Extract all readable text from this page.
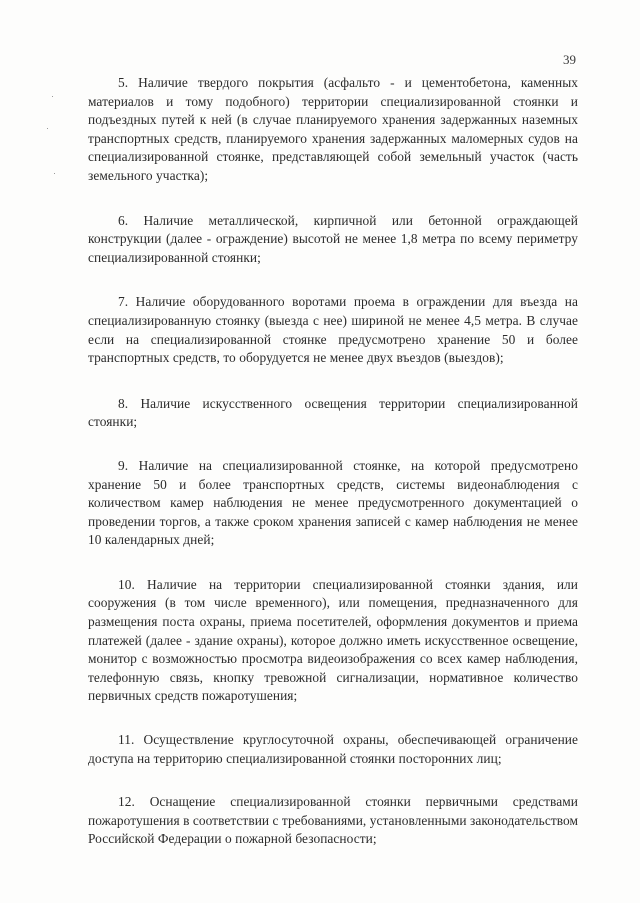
39

5. Наличие твердого покрытия (асфальто - и цементобетона, каменных материалов и тому подобного) территории специализированной стоянки и подъездных путей к ней (в случае планируемого хранения задержанных наземных транспортных средств, планируемого хранения задержанных маломерных судов на специализированной стоянке, представляющей собой земельный участок (часть земельного участка);

6. Наличие металлической, кирпичной или бетонной ограждающей конструкции (далее - ограждение) высотой не менее 1,8 метра по всему периметру специализированной стоянки;

7. Наличие оборудованного воротами проема в ограждении для въезда на специализированную стоянку (выезда с нее) шириной не менее 4,5 метра. В случае если на специализированной стоянке предусмотрено хранение 50 и более транспортных средств, то оборудуется не менее двух въездов (выездов);

8. Наличие искусственного освещения территории специализированной стоянки;

9. Наличие на специализированной стоянке, на которой предусмотрено хранение 50 и более транспортных средств, системы видеонаблюдения с количеством камер наблюдения не менее предусмотренного документацией о проведении торгов, а также сроком хранения записей с камер наблюдения не менее 10 календарных дней;

10. Наличие на территории специализированной стоянки здания, или сооружения (в том числе временного), или помещения, предназначенного для размещения поста охраны, приема посетителей, оформления документов и приема платежей (далее - здание охраны), которое должно иметь искусственное освещение, монитор с возможностью просмотра видеоизображения со всех камер наблюдения, телефонную связь, кнопку тревожной сигнализации, нормативное количество первичных средств пожаротушения;

11. Осуществление круглосуточной охраны, обеспечивающей ограничение доступа на территорию специализированной стоянки посторонних лиц;

12. Оснащение специализированной стоянки первичными средствами пожаротушения в соответствии с требованиями, установленными законодательством Российской Федерации о пожарной безопасности;
